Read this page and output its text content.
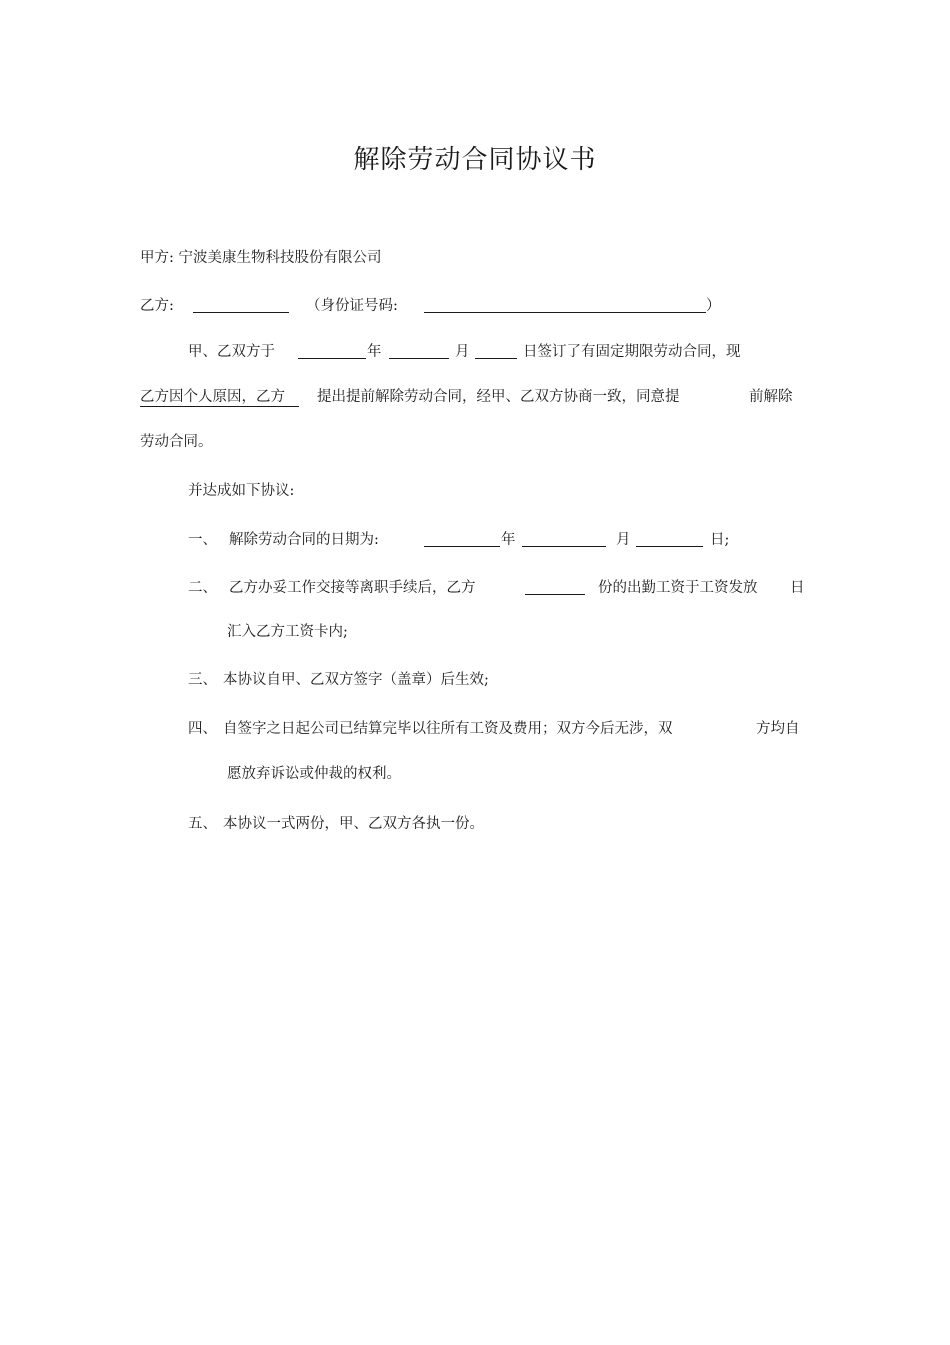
解除劳动合同协议书
甲方: 宁波美康生物科技股份有限公司
乙方:	（身份证号码:	）
甲、乙双方于	年	月	日签订了有固定期限劳动合同，现
乙方因个人原因，乙方	提出提前解除劳动合同，经甲、乙双方协商一致，同意提	前解除
劳动合同。
并达成如下协议:
一、 解除劳动合同的日期为:	年	月	日;
二、 乙方办妥工作交接等离职手续后，乙方	份的出勤工资于工资发放 日
汇入乙方工资卡内;
三、 本协议自甲、乙双方签字（盖章）后生效;
四、 自签字之日起公司已结算完毕以往所有工资及费用；双方今后无涉，双	方均自
愿放弃诉讼或仲裁的权利。
五、 本协议一式两份，甲、乙双方各执一份。
